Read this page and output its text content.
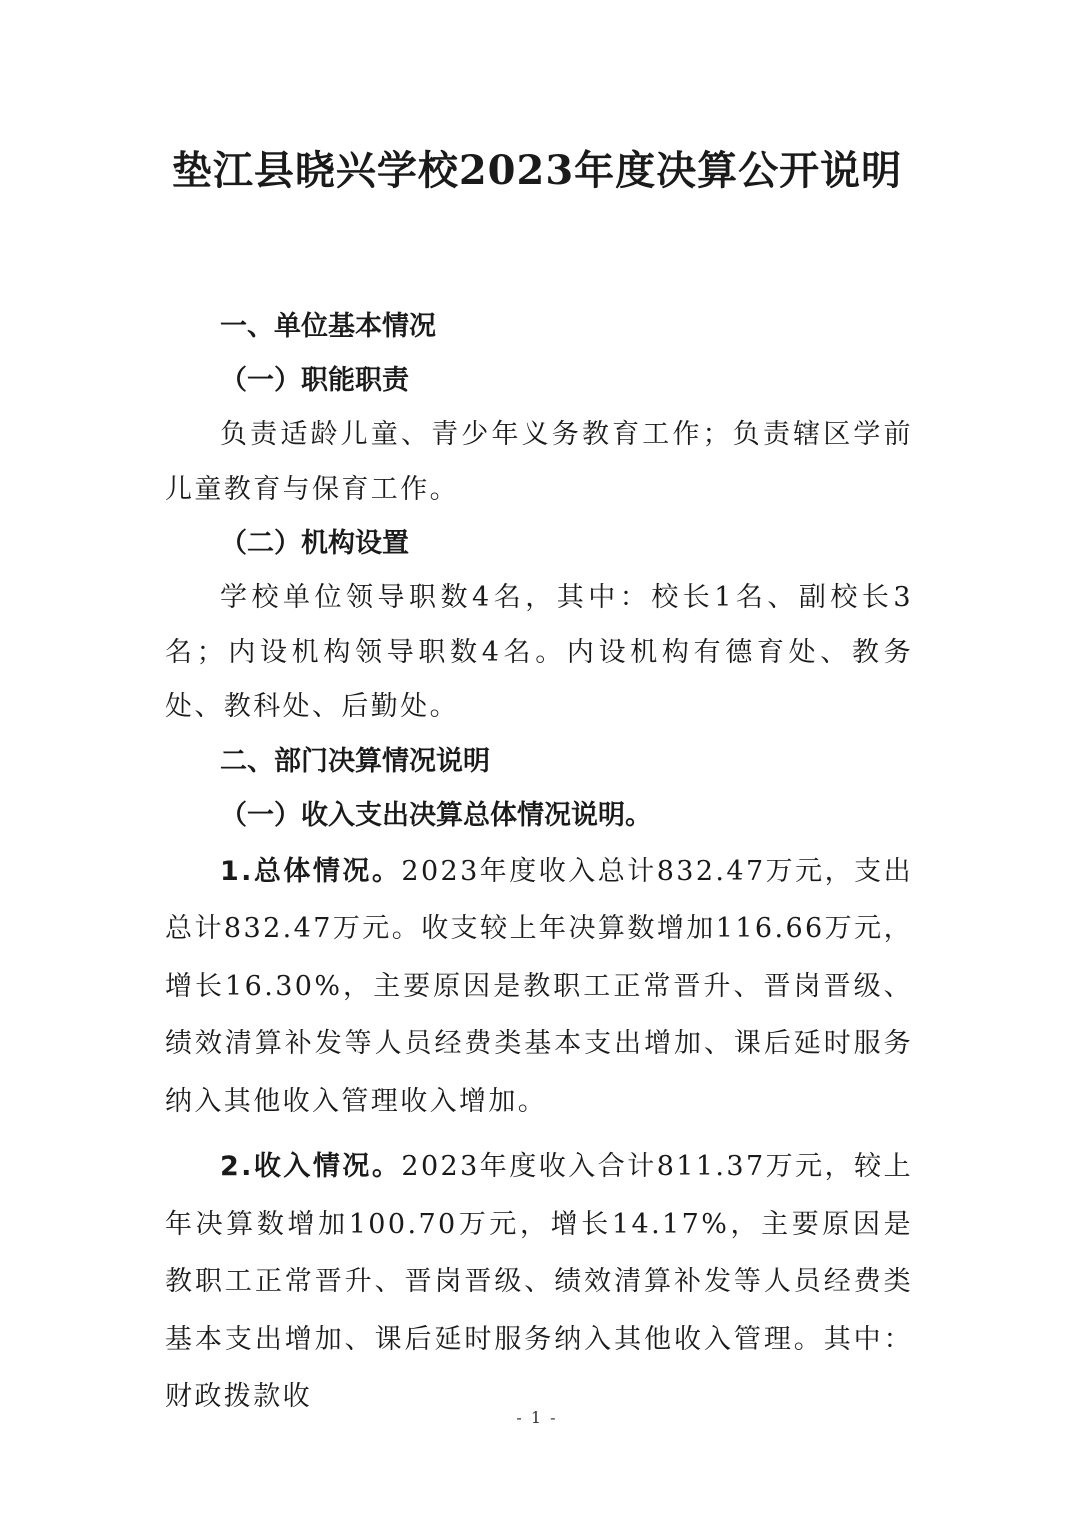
垫江县晓兴学校2023年度决算公开说明
一、单位基本情况
（一）职能职责

负责适龄儿童、青少年义务教育工作；负责辖区学前儿童教育与保育工作。

（二）机构设置

学校单位领导职数4名，其中：校长1名、副校长3名；内设机构领导职数4名。内设机构有德育处、教务处、教科处、后勤处。

二、部门决算情况说明
（一）收入支出决算总体情况说明。

1.总体情况。2023年度收入总计832.47万元，支出总计832.47万元。收支较上年决算数增加116.66万元，增长16.30%，主要原因是教职工正常晋升、晋岗晋级、绩效清算补发等人员经费类基本支出增加、课后延时服务纳入其他收入管理收入增加。

2.收入情况。2023年度收入合计811.37万元，较上年决算数增加100.70万元，增长14.17%，主要原因是教职工正常晋升、晋岗晋级、绩效清算补发等人员经费类基本支出增加、课后延时服务纳入其他收入管理。其中：财政拨款收

- 1 -
